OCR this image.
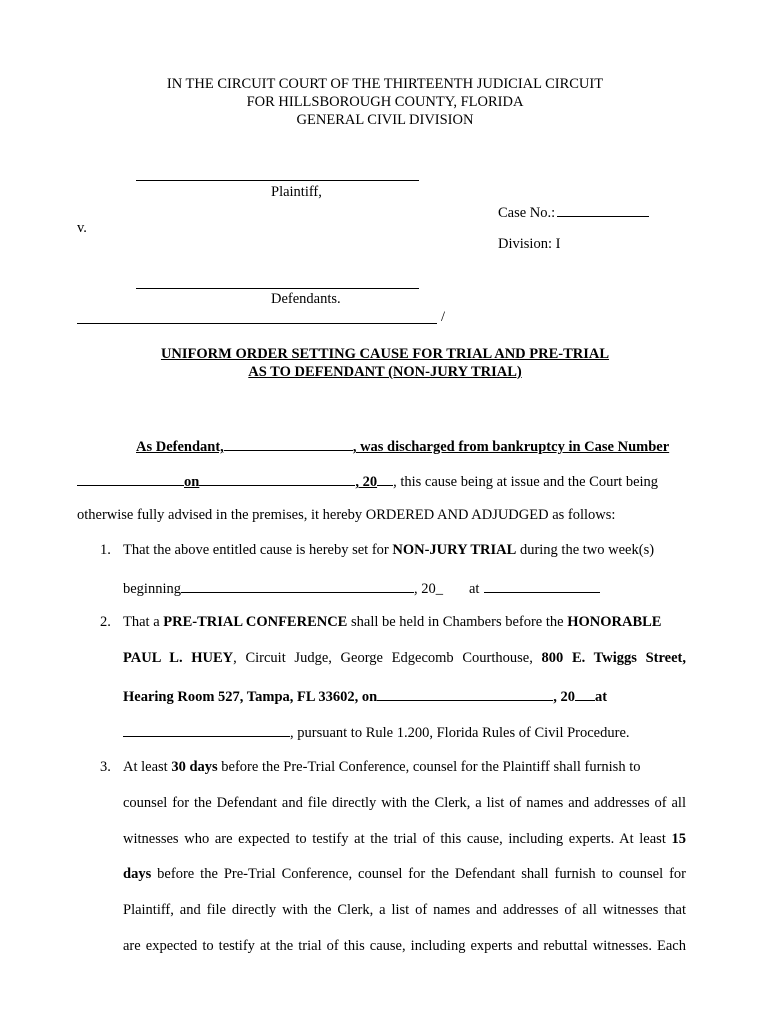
IN THE CIRCUIT COURT OF THE THIRTEENTH JUDICIAL CIRCUIT
FOR HILLSBOROUGH COUNTY, FLORIDA
GENERAL CIVIL DIVISION
Plaintiff,
Case No.:
v.
Division: I
Defendants.
/
UNIFORM ORDER SETTING CAUSE FOR TRIAL AND PRE-TRIAL
AS TO DEFENDANT (NON-JURY TRIAL)
As Defendant,	, was discharged from bankruptcy in Case Number
on	, 20 , this cause being at issue and the Court being
otherwise fully advised in the premises, it hereby ORDERED AND ADJUDGED as follows:
1. That the above entitled cause is hereby set for NON-JURY TRIAL during the two week(s)
beginning	, 20_ at
2. That a PRE-TRIAL CONFERENCE shall be held in Chambers before the HONORABLE
PAUL L. HUEY, Circuit Judge, George Edgecomb Courthouse, 800 E. Twiggs Street,
Hearing Room 527, Tampa, FL 33602, on	, 20 at
, pursuant to Rule 1.200, Florida Rules of Civil Procedure.
3. At least 30 days before the Pre-Trial Conference, counsel for the Plaintiff shall furnish to
counsel for the Defendant and file directly with the Clerk, a list of names and addresses of all
witnesses who are expected to testify at the trial of this cause, including experts. At least 15
days before the Pre-Trial Conference, counsel for the Defendant shall furnish to counsel for
Plaintiff, and file directly with the Clerk, a list of names and addresses of all witnesses that
are expected to testify at the trial of this cause, including experts and rebuttal witnesses. Each
